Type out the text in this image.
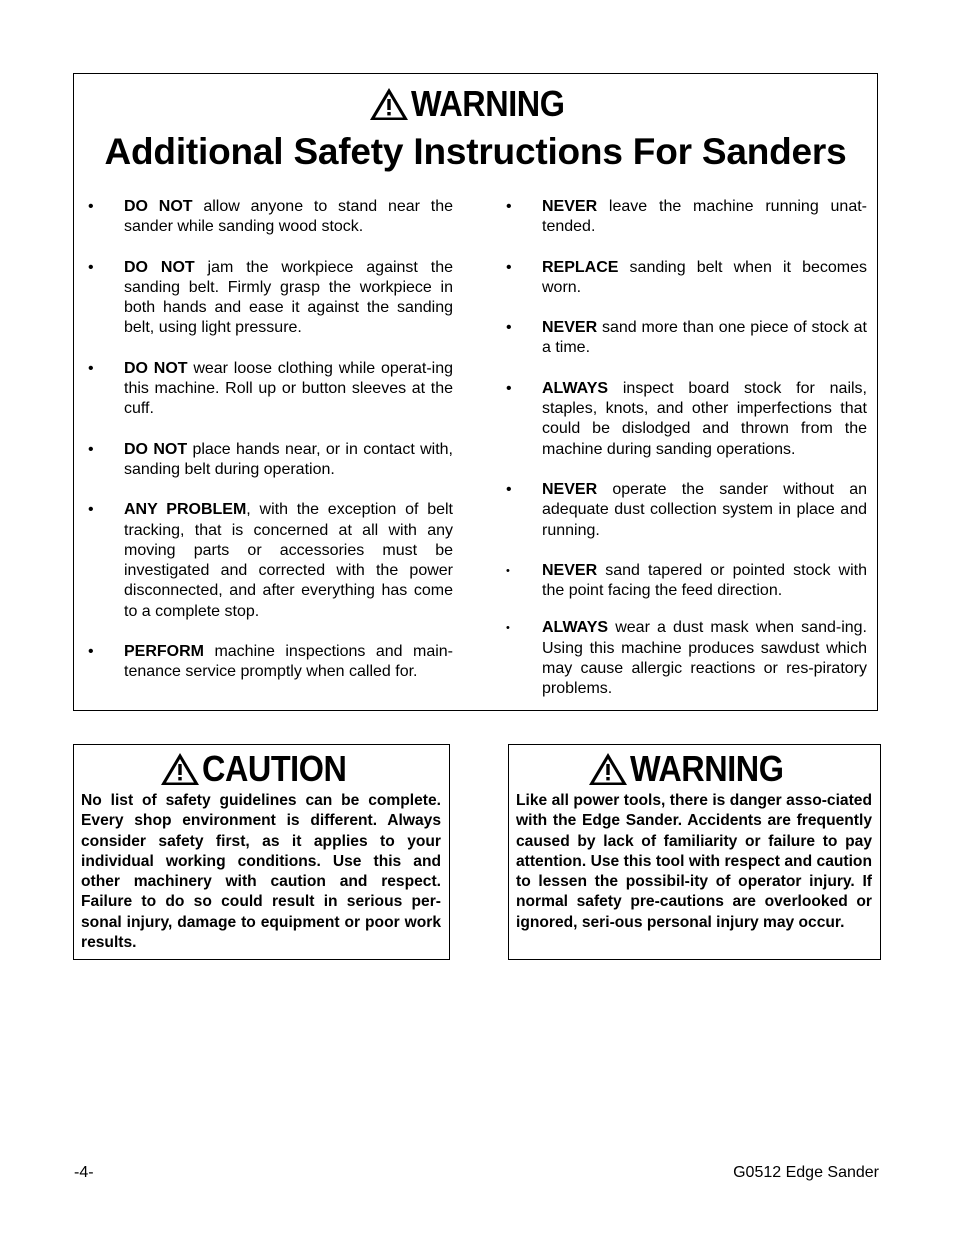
WARNING
Additional Safety Instructions For Sanders
• DO NOT allow anyone to stand near the sander while sanding wood stock.
• DO NOT jam the workpiece against the sanding belt. Firmly grasp the workpiece in both hands and ease it against the sanding belt, using light pressure.
• DO NOT wear loose clothing while operat-ing this machine. Roll up or button sleeves at the cuff.
• DO NOT place hands near, or in contact with, sanding belt during operation.
• ANY PROBLEM, with the exception of belt tracking, that is concerned at all with any moving parts or accessories must be investigated and corrected with the power disconnected, and after everything has come to a complete stop.
• PERFORM machine inspections and main-tenance service promptly when called for.
• NEVER leave the machine running unat-tended.
• REPLACE sanding belt when it becomes worn.
• NEVER sand more than one piece of stock at a time.
• ALWAYS inspect board stock for nails, staples, knots, and other imperfections that could be dislodged and thrown from the machine during sanding operations.
• NEVER operate the sander without an adequate dust collection system in place and running.
•	NEVER sand tapered or pointed stock with the point facing the feed direction.
•	ALWAYS wear a dust mask when sand-ing. Using this machine produces sawdust which may cause allergic reactions or res-piratory problems.
CAUTION
No list of safety guidelines can be complete. Every shop environment is different. Always consider safety first, as it applies to your individual working conditions. Use this and other machinery with caution and respect. Failure to do so could result in serious per-sonal injury, damage to equipment or poor work results.
WARNING
Like all power tools, there is danger asso-ciated with the Edge Sander. Accidents are frequently caused by lack of familiarity or failure to pay attention. Use this tool with respect and caution to lessen the possibil-ity of operator injury. If normal safety pre-cautions are overlooked or ignored, seri-ous personal injury may occur.
-4-	G0512 Edge Sander
